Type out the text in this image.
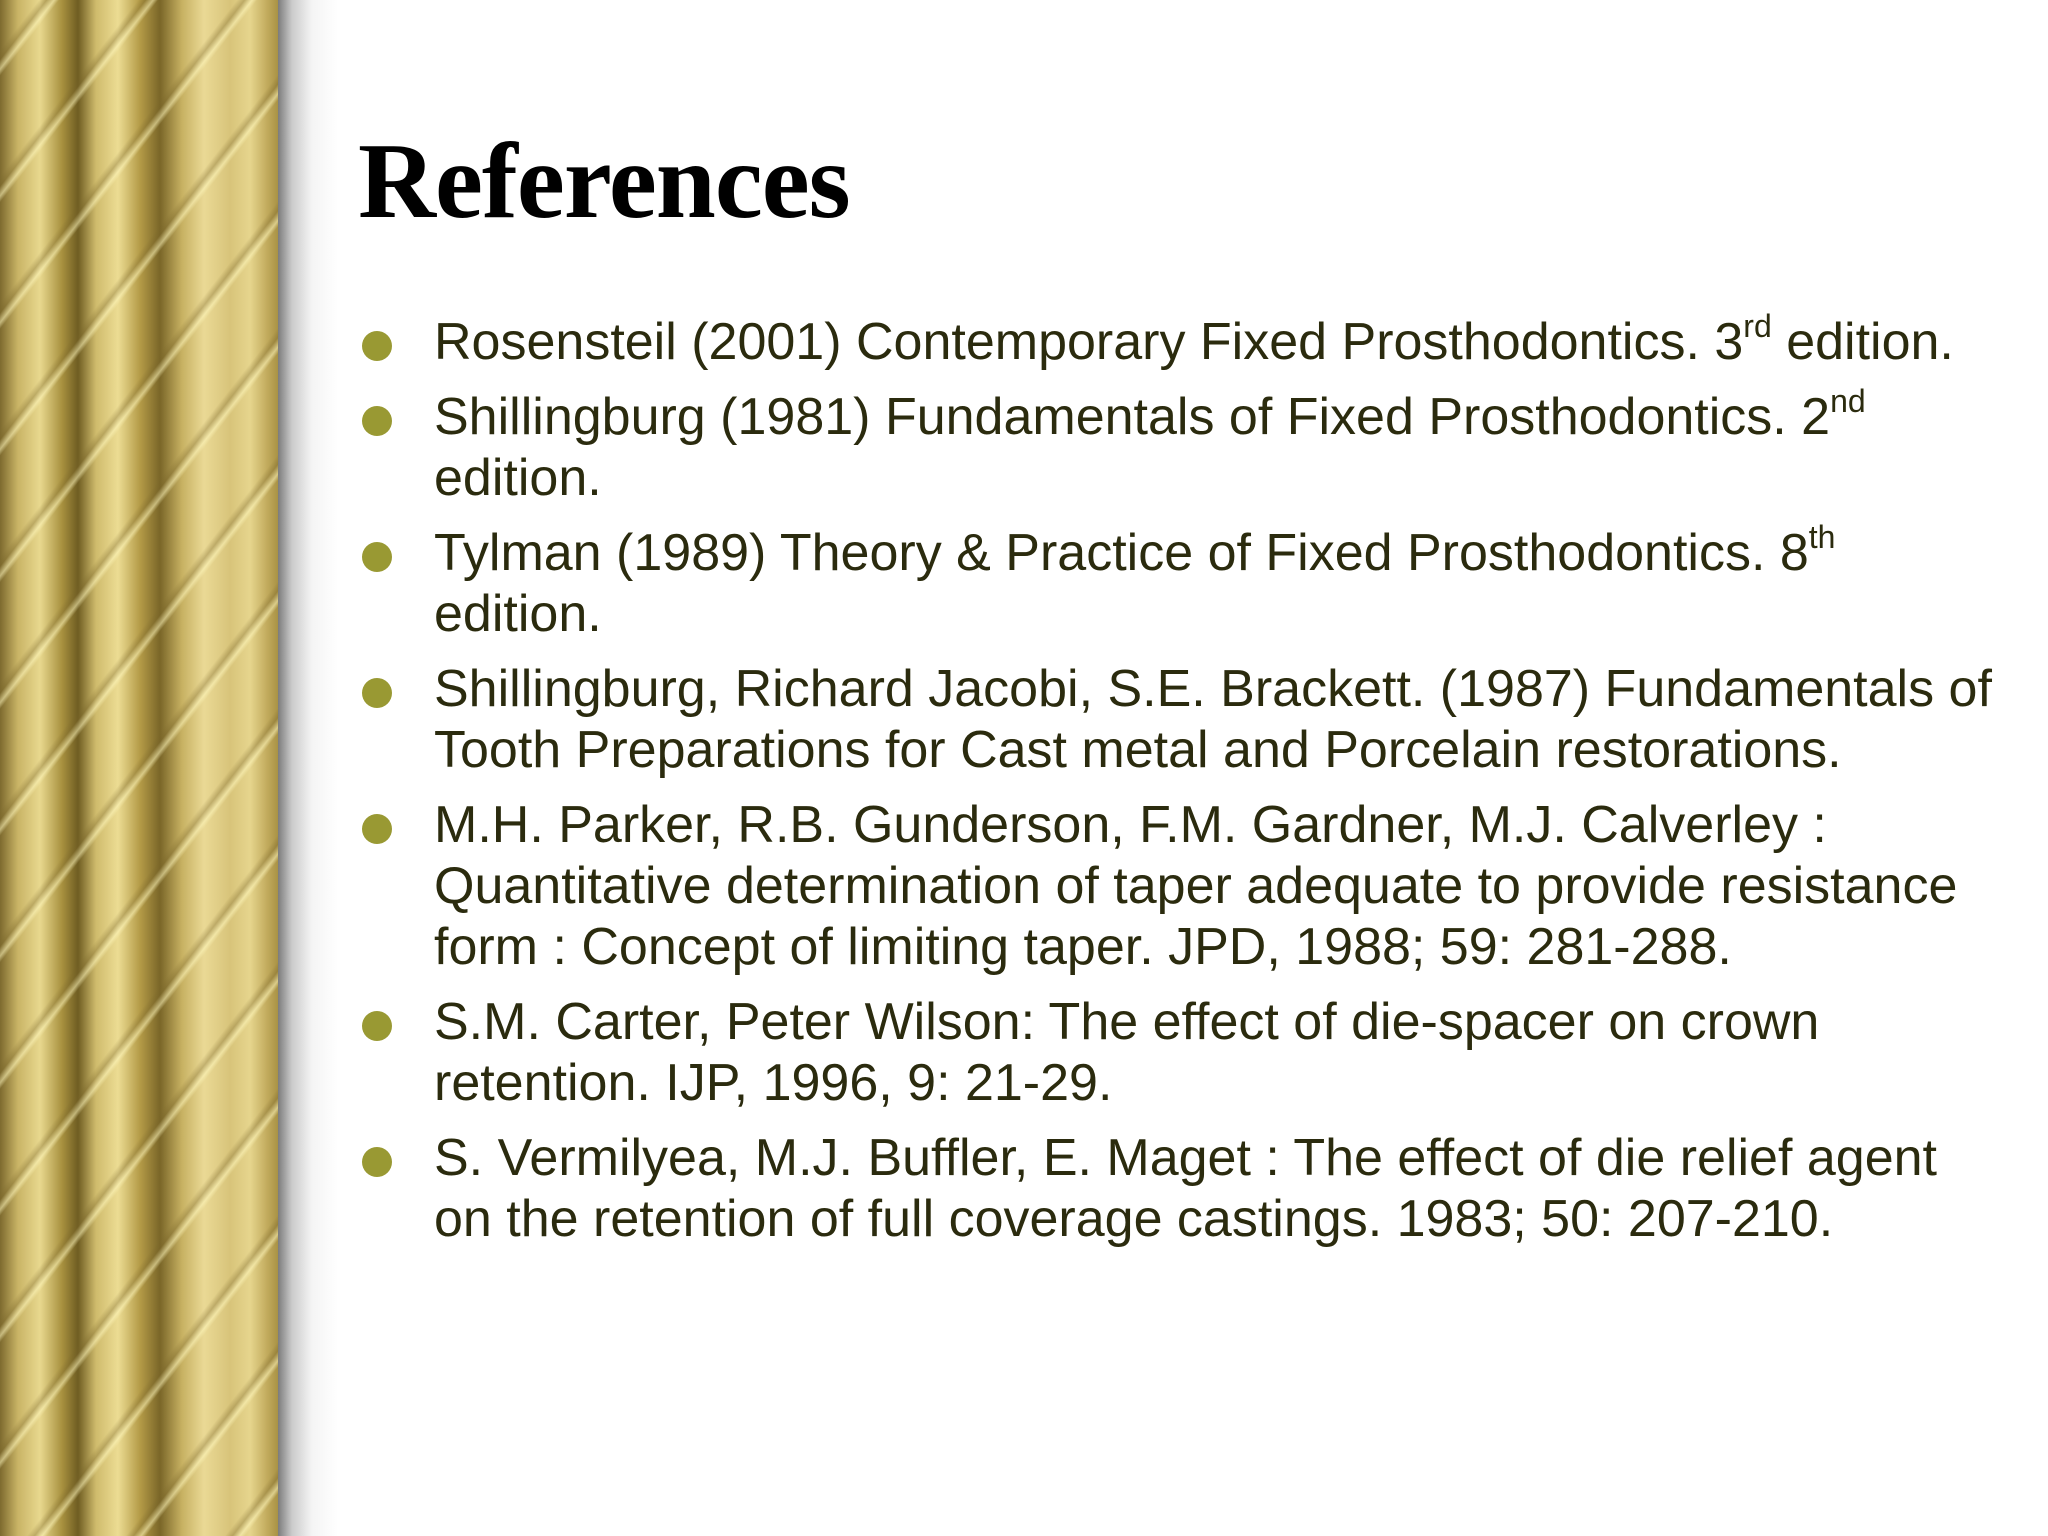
References
Rosensteil (2001) Contemporary Fixed Prosthodontics. 3rd edition.
Shillingburg (1981) Fundamentals of Fixed Prosthodontics. 2nd edition.
Tylman (1989) Theory & Practice of Fixed Prosthodontics. 8th edition.
Shillingburg, Richard Jacobi, S.E. Brackett. (1987) Fundamentals of Tooth Preparations for Cast metal and Porcelain restorations.
M.H. Parker, R.B. Gunderson, F.M. Gardner, M.J. Calverley : Quantitative determination of taper adequate to provide resistance form : Concept of limiting taper. JPD, 1988; 59: 281-288.
S.M. Carter, Peter Wilson: The effect of die-spacer on crown retention. IJP, 1996, 9: 21-29.
S. Vermilyea, M.J. Buffler, E. Maget : The effect of die relief agent on the retention of full coverage castings. 1983; 50: 207-210.
